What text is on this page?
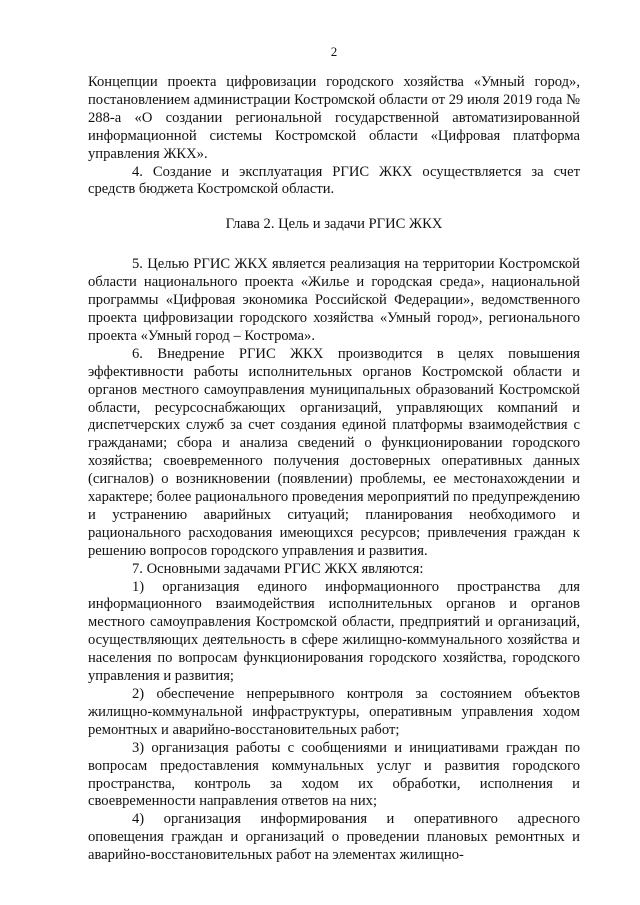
2

Концепции проекта цифровизации городского хозяйства «Умный город», постановлением администрации Костромской области от 29 июля 2019 года № 288-а «О создании региональной государственной автоматизированной информационной системы Костромской области «Цифровая платформа управления ЖКХ».

4. Создание и эксплуатация РГИС ЖКХ осуществляется за счет средств бюджета Костромской области.

Глава 2. Цель и задачи РГИС ЖКХ

5. Целью РГИС ЖКХ является реализация на территории Костромской области национального проекта «Жилье и городская среда», национальной программы «Цифровая экономика Российской Федерации», ведомственного проекта цифровизации городского хозяйства «Умный город», регионального проекта «Умный город – Кострома».

6. Внедрение РГИС ЖКХ производится в целях повышения эффективности работы исполнительных органов Костромской области и органов местного самоуправления муниципальных образований Костромской области, ресурсоснабжающих организаций, управляющих компаний и диспетчерских служб за счет создания единой платформы взаимодействия с гражданами; сбора и анализа сведений о функционировании городского хозяйства; своевременного получения достоверных оперативных данных (сигналов) о возникновении (появлении) проблемы, ее местонахождении и характере; более рационального проведения мероприятий по предупреждению и устранению аварийных ситуаций; планирования необходимого и рационального расходования имеющихся ресурсов; привлечения граждан к решению вопросов городского управления и развития.

7. Основными задачами РГИС ЖКХ являются:

1) организация единого информационного пространства для информационного взаимодействия исполнительных органов и органов местного самоуправления Костромской области, предприятий и организаций, осуществляющих деятельность в сфере жилищно-коммунального хозяйства и населения по вопросам функционирования городского хозяйства, городского управления и развития;

2) обеспечение непрерывного контроля за состоянием объектов жилищно-коммунальной инфраструктуры, оперативным управления ходом ремонтных и аварийно-восстановительных работ;

3) организация работы с сообщениями и инициативами граждан по вопросам предоставления коммунальных услуг и развития городского пространства, контроль за ходом их обработки, исполнения и своевременности направления ответов на них;

4) организация информирования и оперативного адресного оповещения граждан и организаций о проведении плановых ремонтных и аварийно-восстановительных работ на элементах жилищно-
